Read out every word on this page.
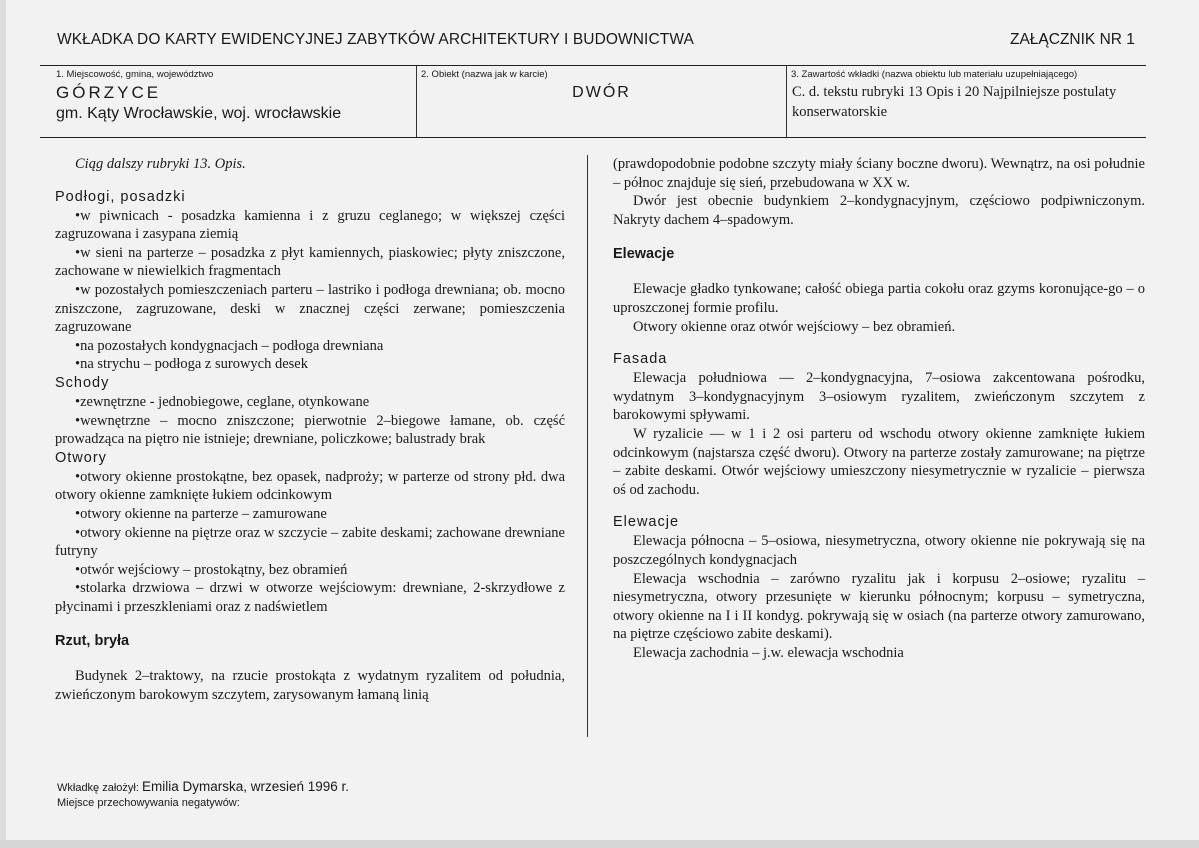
WKŁADKA DO KARTY EWIDENCYJNEJ ZABYTKÓW ARCHITEKTURY I BUDOWNICTWA	ZAŁĄCZNIK NR 1
1. Miejscowość, gmina, województwo
GÓRZYCE
gm. Kąty Wrocławskie, woj. wrocławskie
2. Obiekt (nazwa jak w karcie)
DWÓR
3. Zawartość wkładki (nazwa obiektu lub materiału uzupełniającego)
C. d. tekstu rubryki 13 Opis i 20 Najpilniejsze postulaty konserwatorskie

Ciąg dalszy rubryki 13. Opis.

Podłogi, posadzki

•w piwnicach - posadzka kamienna i z gruzu ceglanego; w większej części zagruzowana i zasypana ziemią

•w sieni na parterze – posadzka z płyt kamiennych, piaskowiec; płyty zniszczone, zachowane w niewielkich fragmentach

•w pozostałych pomieszczeniach parteru – lastriko i podłoga drewniana; ob. mocno zniszczone, zagruzowane, deski w znacznej części zerwane; pomieszczenia zagruzowane

•na pozostałych kondygnacjach – podłoga drewniana

•na strychu – podłoga z surowych desek

Schody

•zewnętrzne - jednobiegowe, ceglane, otynkowane

•wewnętrzne – mocno zniszczone; pierwotnie 2–biegowe łamane, ob. część prowadząca na piętro nie istnieje; drewniane, policzkowe; balustrady brak

Otwory

•otwory okienne prostokątne, bez opasek, nadproży; w parterze od strony płd. dwa otwory okienne zamknięte łukiem odcinkowym

•otwory okienne na parterze – zamurowane

•otwory okienne na piętrze oraz w szczycie – zabite deskami; zachowane drewniane futryny

•otwór wejściowy – prostokątny, bez obramień

•stolarka drzwiowa – drzwi w otworze wejściowym: drewniane, 2-skrzydłowe z płycinami i przeszkleniami oraz z nadświetlem

Rzut, bryła

Budynek 2–traktowy, na rzucie prostokąta z wydatnym ryzalitem od południa, zwieńczonym barokowym szczytem, zarysowanym łamaną linią

(prawdopodobnie podobne szczyty miały ściany boczne dworu). Wewnątrz, na osi południe – północ znajduje się sień, przebudowana w XX w.

Dwór jest obecnie budynkiem 2–kondygnacyjnym, częściowo podpiwniczonym. Nakryty dachem 4–spadowym.

Elewacje

Elewacje gładko tynkowane; całość obiega partia cokołu oraz gzyms koronujące-go – o uproszczonej formie profilu.

Otwory okienne oraz otwór wejściowy – bez obramień.

Fasada

Elewacja południowa — 2–kondygnacyjna, 7–osiowa zakcentowana pośrodku, wydatnym 3–kondygnacyjnym 3–osiowym ryzalitem, zwieńczonym szczytem z barokowymi spływami.

W ryzalicie — w 1 i 2 osi parteru od wschodu otwory okienne zamknięte łukiem odcinkowym (najstarsza część dworu). Otwory na parterze zostały zamurowane; na piętrze – zabite deskami. Otwór wejściowy umieszczony niesymetrycznie w ryzalicie – pierwsza oś od zachodu.

Elewacje

Elewacja północna – 5–osiowa, niesymetryczna, otwory okienne nie pokrywają się na poszczególnych kondygnacjach

Elewacja wschodnia – zarówno ryzalitu jak i korpusu 2–osiowe; ryzalitu – niesymetryczna, otwory przesunięte w kierunku północnym; korpusu – symetryczna, otwory okienne na I i II kondyg. pokrywają się w osiach (na parterze otwory zamurowano, na piętrze częściowo zabite deskami).

Elewacja zachodnia – j.w. elewacja wschodnia

Wkładkę założył: Emilia Dymarska, wrzesień 1996 r.
Miejsce przechowywania negatywów:
